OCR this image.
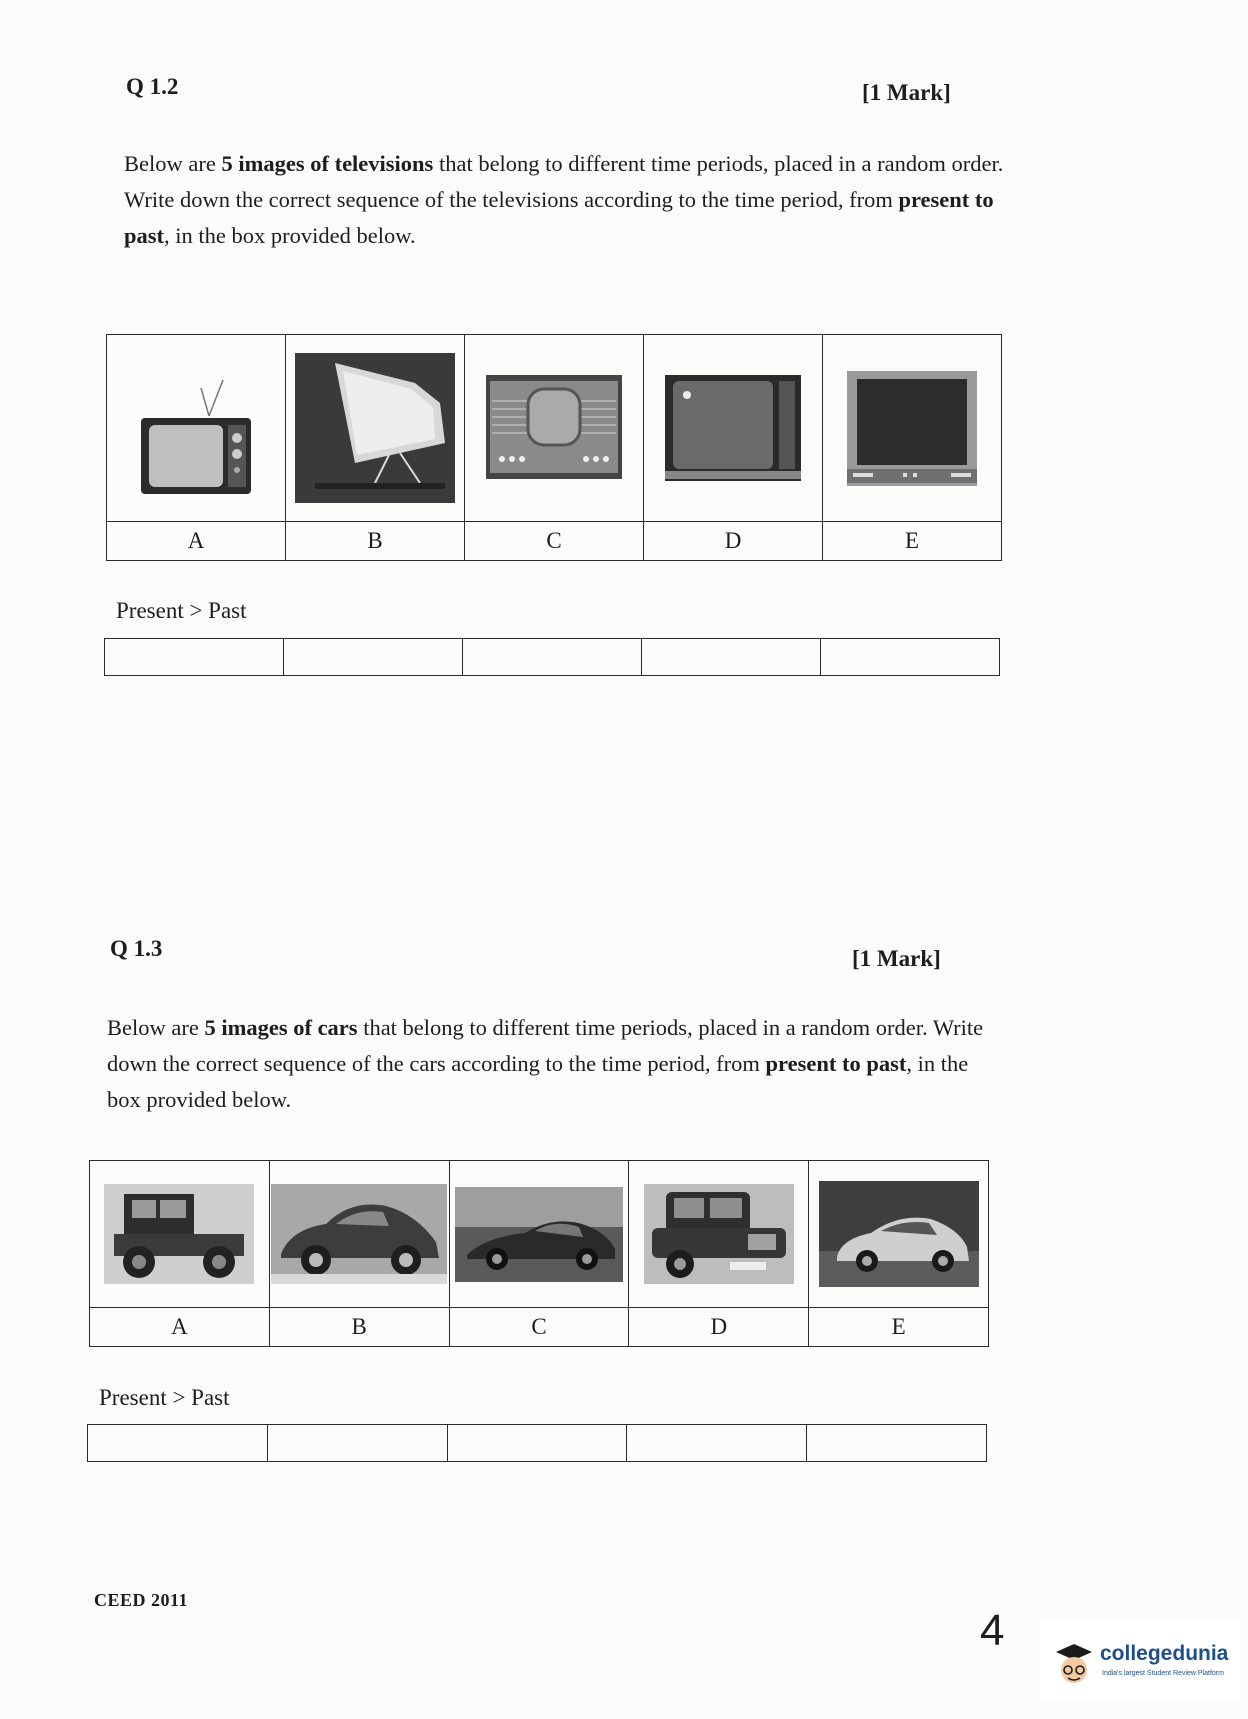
Q 1.2	[1 Mark]
Below are 5 images of televisions that belong to different time periods, placed in a random order. Write down the correct sequence of the televisions according to the time period, from present to past, in the box provided below.

A	B	C	D	E
Present > Past

Q 1.3	[1 Mark]
Below are 5 images of cars that belong to different time periods, placed in a random order. Write down the correct sequence of the cars according to the time period, from present to past, in the box provided below.

A	B	C	D	E
Present > Past

CEED 2011
4	collegedunia
India's largest Student Review Platform
